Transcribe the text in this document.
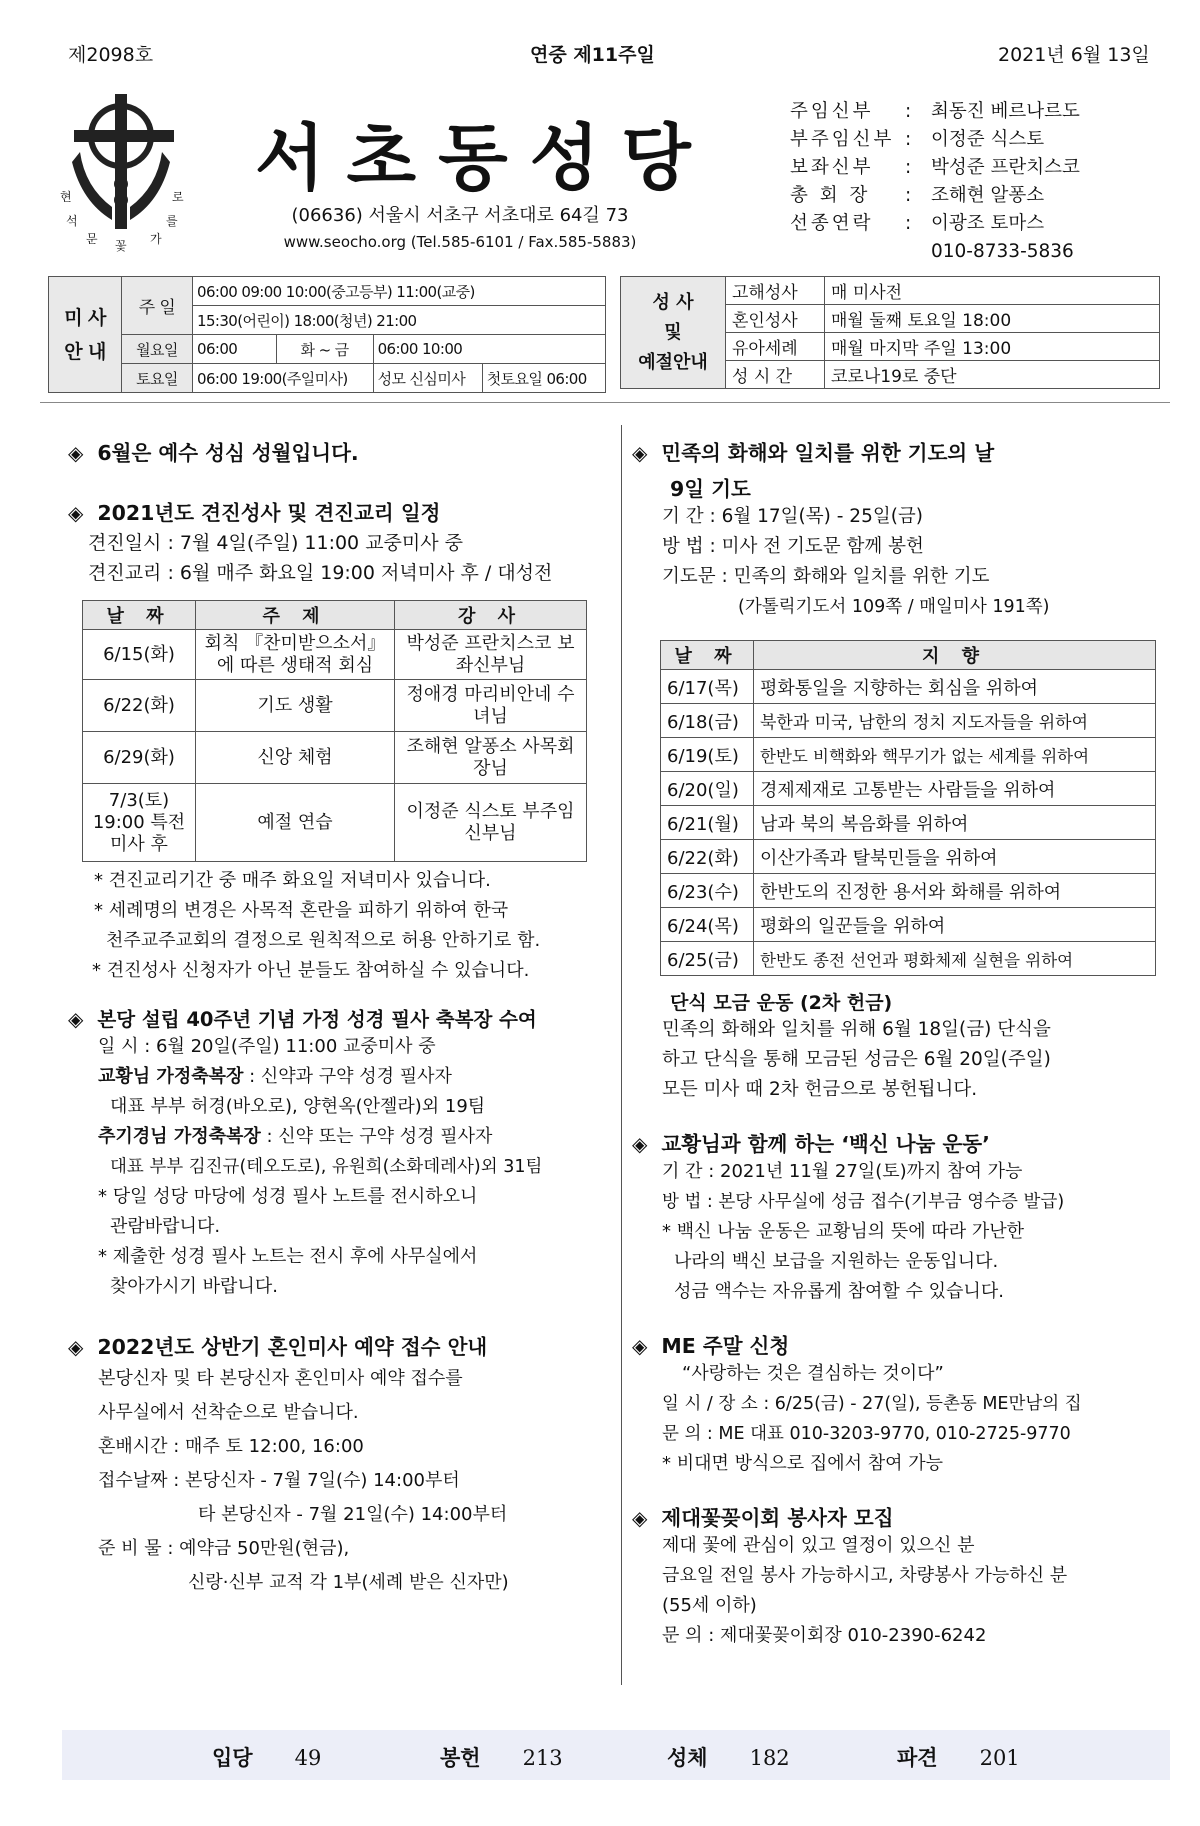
제2098호	연중 제11주일	2021년 6월 13일
현	로
석	를
문	가
꽃
서초동성당
(06636) 서울시 서초구 서초대로 64길 73
www.seocho.org (Tel.585-6101 / Fax.585-5883)
주임신부 : 최동진 베르나르도
부주임신부 : 이정준 식스토
보좌신부 : 박성준 프란치스코
총 회 장 : 조해현 알퐁소
선종연락 : 이광조 토마스
010-8733-5836
미 사
안 내	주 일	06:00 09:00 10:00(중고등부) 11:00(교중)			
		15:30(어린이) 18:00(청년) 21:00			
	월요일	06:00	화 ~ 금	06:00 10:00	
	토요일	06:00 19:00(주일미사)		성모 신심미사	첫토요일 06:00
성 사
및
예절안내	고해성사	매 미사전
	혼인성사	매월 둘째 토요일 18:00
	유아세례	매월 마지막 주일 13:00
	성 시 간	코로나19로 중단
◈ 6월은 예수 성심 성월입니다.
◈ 2021년도 견진성사 및 견진교리 일정
견진일시 : 7월 4일(주일) 11:00 교중미사 중
견진교리 : 6월 매주 화요일 19:00 저녁미사 후 / 대성전
날 짜	주 제	강 사
6/15(화)	회칙 『찬미받으소서』 에 따른 생태적 회심	박성준 프란치스코 보좌신부님
6/22(화)	기도 생활	정애경 마리비안네 수녀님
6/29(화)	신앙 체험	조해현 알퐁소 사목회장님
7/3(토) 19:00 특전미사 후	예절 연습	이정준 식스토 부주임신부님
* 견진교리기간 중 매주 화요일 저녁미사 있습니다.
* 세례명의 변경은 사목적 혼란을 피하기 위하여 한국
천주교주교회의 결정으로 원칙적으로 허용 안하기로 함.
* 견진성사 신청자가 아닌 분들도 참여하실 수 있습니다.
◈ 본당 설립 40주년 기념 가정 성경 필사 축복장 수여
일 시 : 6월 20일(주일) 11:00 교중미사 중
교황님 가정축복장 : 신약과 구약 성경 필사자
대표 부부 허경(바오로), 양현옥(안젤라)외 19팀
추기경님 가정축복장 : 신약 또는 구약 성경 필사자
대표 부부 김진규(테오도로), 유원희(소화데레사)외 31팀
* 당일 성당 마당에 성경 필사 노트를 전시하오니
관람바랍니다.
* 제출한 성경 필사 노트는 전시 후에 사무실에서
찾아가시기 바랍니다.
◈ 2022년도 상반기 혼인미사 예약 접수 안내
본당신자 및 타 본당신자 혼인미사 예약 접수를
사무실에서 선착순으로 받습니다.
혼배시간 : 매주 토 12:00, 16:00
접수날짜 : 본당신자 - 7월 7일(수) 14:00부터
타 본당신자 - 7월 21일(수) 14:00부터
준 비 물 : 예약금 50만원(현금),
신랑·신부 교적 각 1부(세례 받은 신자만)
◈ 민족의 화해와 일치를 위한 기도의 날
9일 기도
기 간 : 6월 17일(목) - 25일(금)
방 법 : 미사 전 기도문 함께 봉헌
기도문 : 민족의 화해와 일치를 위한 기도
(가톨릭기도서 109쪽 / 매일미사 191쪽)
날 짜	지 향
6/17(목)	평화통일을 지향하는 회심을 위하여
6/18(금)	북한과 미국, 남한의 정치 지도자들을 위하여
6/19(토)	한반도 비핵화와 핵무기가 없는 세계를 위하여
6/20(일)	경제제재로 고통받는 사람들을 위하여
6/21(월)	남과 북의 복음화를 위하여
6/22(화)	이산가족과 탈북민들을 위하여
6/23(수)	한반도의 진정한 용서와 화해를 위하여
6/24(목)	평화의 일꾼들을 위하여
6/25(금)	한반도 종전 선언과 평화체제 실현을 위하여
단식 모금 운동 (2차 헌금)
민족의 화해와 일치를 위해 6월 18일(금) 단식을
하고 단식을 통해 모금된 성금은 6월 20일(주일)
모든 미사 때 2차 헌금으로 봉헌됩니다.
◈ 교황님과 함께 하는 ‘백신 나눔 운동’
기 간 : 2021년 11월 27일(토)까지 참여 가능
방 법 : 본당 사무실에 성금 접수(기부금 영수증 발급)
* 백신 나눔 운동은 교황님의 뜻에 따라 가난한
나라의 백신 보급을 지원하는 운동입니다.
성금 액수는 자유롭게 참여할 수 있습니다.
◈ ME 주말 신청
“사랑하는 것은 결심하는 것이다”
일 시 / 장 소 : 6/25(금) - 27(일), 등촌동 ME만남의 집
문 의 : ME 대표 010-3203-9770, 010-2725-9770
* 비대면 방식으로 집에서 참여 가능
◈ 제대꽃꽂이회 봉사자 모집
제대 꽃에 관심이 있고 열정이 있으신 분
금요일 전일 봉사 가능하시고, 차량봉사 가능하신 분
(55세 이하)
문 의 : 제대꽃꽂이회장 010-2390-6242
입당 49	봉헌 213	성체 182	파견 201
